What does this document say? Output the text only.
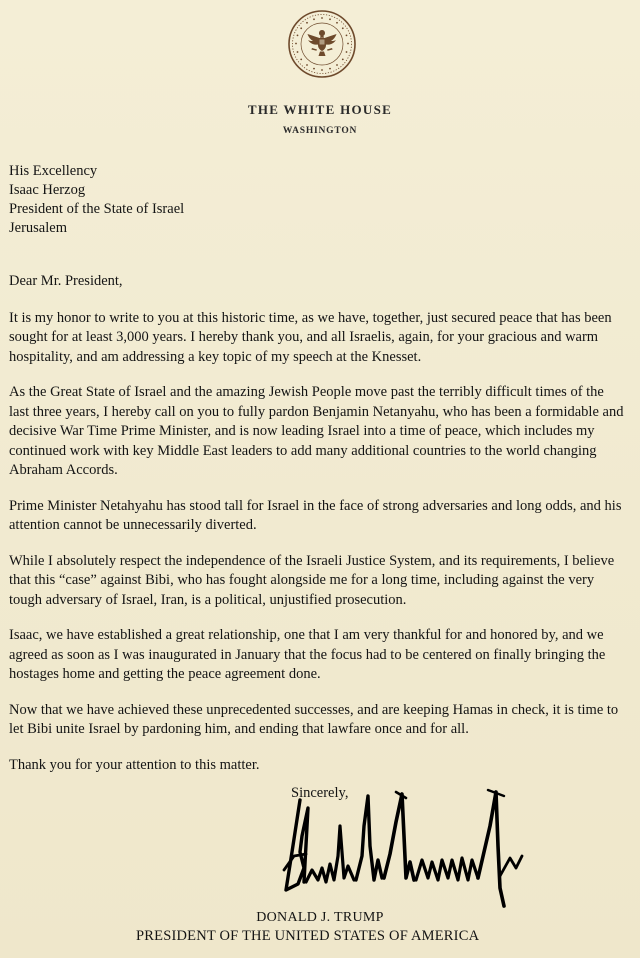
THE WHITE HOUSE
WASHINGTON
His Excellency
Isaac Herzog
President of the State of Israel
Jerusalem

Dear Mr. President,

It is my honor to write to you at this historic time, as we have, together, just secured peace that has been sought for at least 3,000 years. I hereby thank you, and all Israelis, again, for your gracious and warm hospitality, and am addressing a key topic of my speech at the Knesset.

As the Great State of Israel and the amazing Jewish People move past the terribly difficult times of the last three years, I hereby call on you to fully pardon Benjamin Netanyahu, who has been a formidable and decisive War Time Prime Minister, and is now leading Israel into a time of peace, which includes my continued work with key Middle East leaders to add many additional countries to the world changing Abraham Accords.

Prime Minister Netahyahu has stood tall for Israel in the face of strong adversaries and long odds, and his attention cannot be unnecessarily diverted.

While I absolutely respect the independence of the Israeli Justice System, and its requirements, I believe that this “case” against Bibi, who has fought alongside me for a long time, including against the very tough adversary of Israel, Iran, is a political, unjustified prosecution.

Isaac, we have established a great relationship, one that I am very thankful for and honored by, and we agreed as soon as I was inaugurated in January that the focus had to be centered on finally bringing the hostages home and getting the peace agreement done.

Now that we have achieved these unprecedented successes, and are keeping Hamas in check, it is time to let Bibi unite Israel by pardoning him, and ending that lawfare once and for all.

Thank you for your attention to this matter.

Sincerely,
DONALD J. TRUMP
PRESIDENT OF THE UNITED STATES OF AMERICA
